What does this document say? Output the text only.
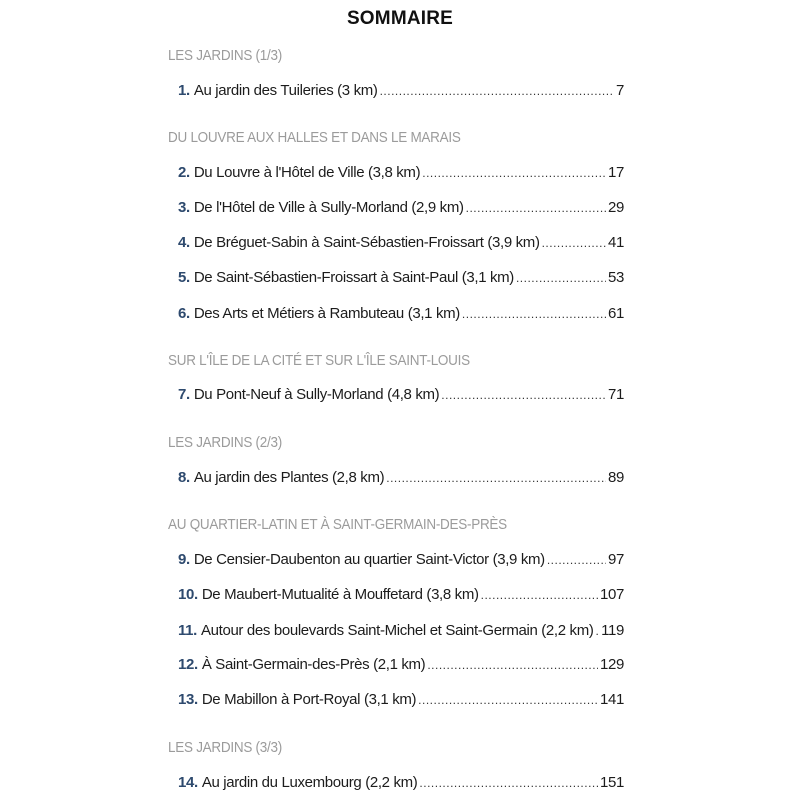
SOMMAIRE
LES JARDINS (1/3)
1. Au jardin des Tuileries (3 km) .....	7
DU LOUVRE AUX HALLES ET DANS LE MARAIS
2. Du Louvre à l'Hôtel de Ville (3,8 km) .....	17
3. De l'Hôtel de Ville à Sully-Morland (2,9 km) .....	29
4. De Bréguet-Sabin à Saint-Sébastien-Froissart (3,9 km) .....	41
5. De Saint-Sébastien-Froissart à Saint-Paul (3,1 km) .....	53
6. Des Arts et Métiers à Rambuteau (3,1 km) .....	61
SUR L'ÎLE DE LA CITÉ ET SUR L'ÎLE SAINT-LOUIS
7. Du Pont-Neuf à Sully-Morland (4,8 km) .....	71
LES JARDINS (2/3)
8. Au jardin des Plantes (2,8 km) .....	89
AU QUARTIER-LATIN ET À SAINT-GERMAIN-DES-PRÈS
9. De Censier-Daubenton au quartier Saint-Victor (3,9 km) .....	97
10. De Maubert-Mutualité à Mouffetard (3,8 km) .....	107
11. Autour des boulevards Saint-Michel et Saint-Germain (2,2 km) ..... 119
12. À Saint-Germain-des-Près (2,1 km) .....	129
13. De Mabillon à Port-Royal (3,1 km) .....	141
LES JARDINS (3/3)
14. Au jardin du Luxembourg (2,2 km) .....	151
